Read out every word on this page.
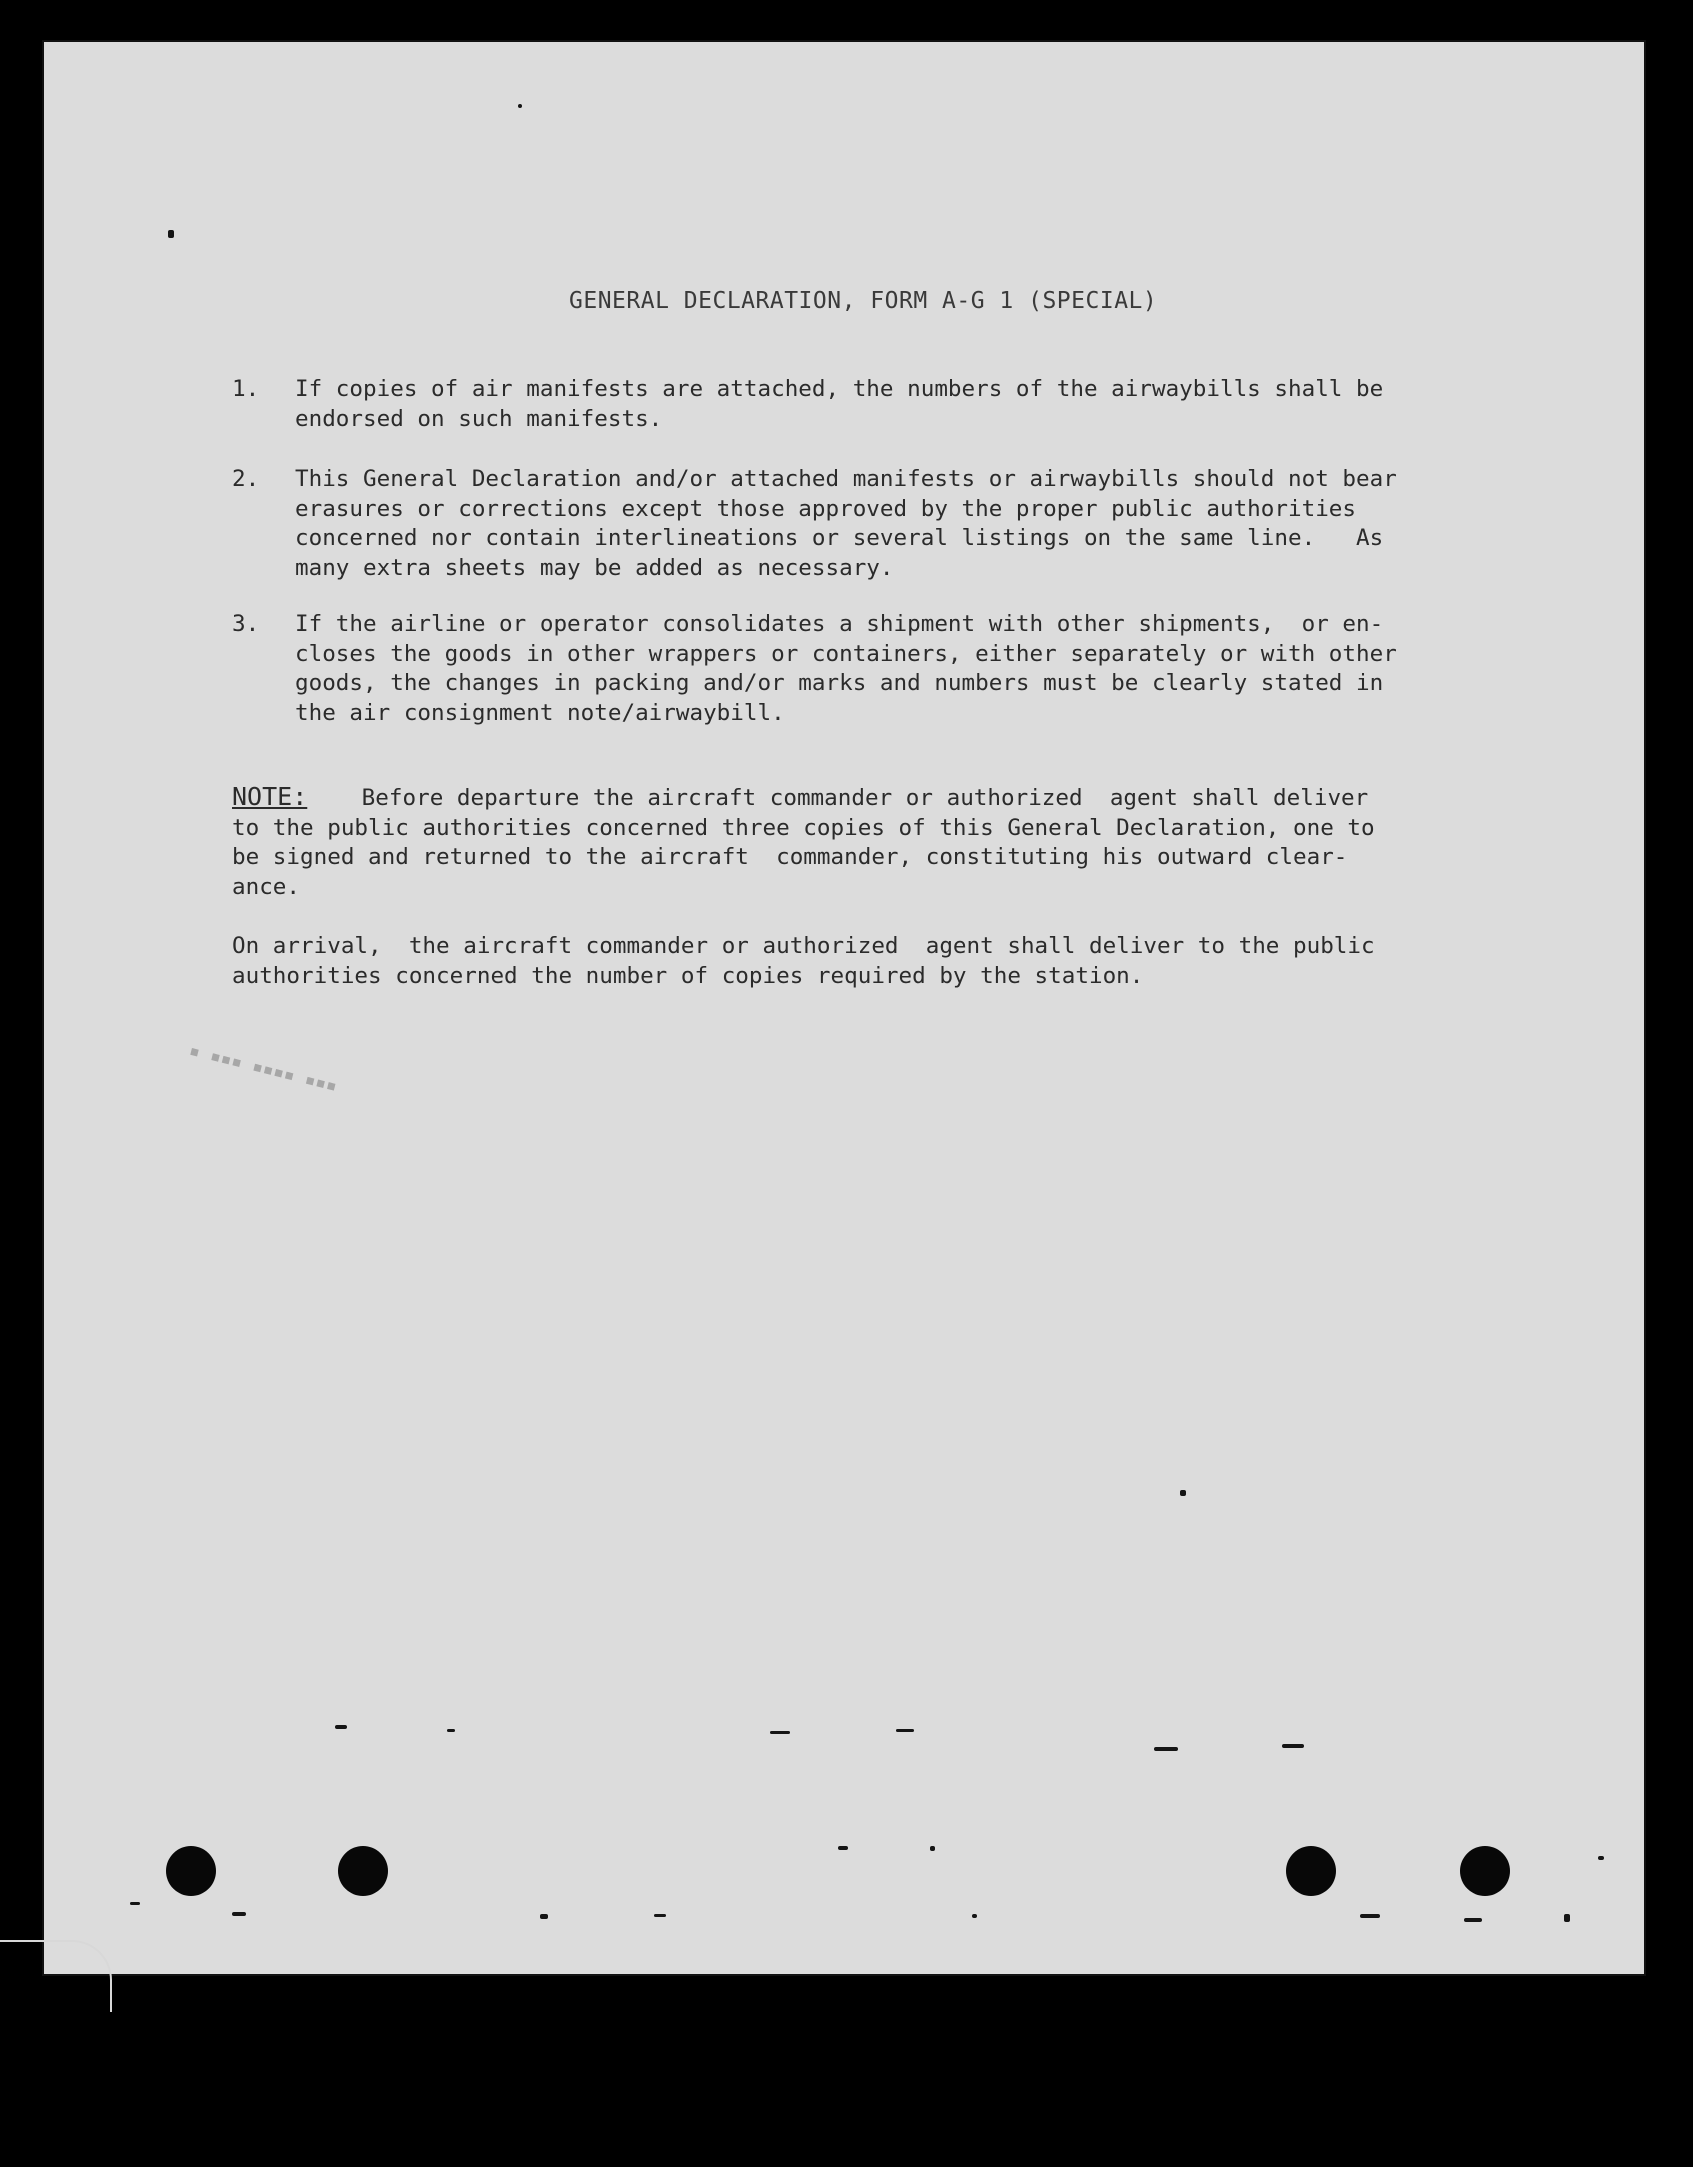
GENERAL DECLARATION, FORM A-G 1 (SPECIAL)
1. If copies of air manifests are attached, the numbers of the airwaybills shall be
endorsed on such manifests.
2. This General Declaration and/or attached manifests or airwaybills should not bear
erasures or corrections except those approved by the proper public authorities
concerned nor contain interlineations or several listings on the same line.   As
many extra sheets may be added as necessary.
3. If the airline or operator consolidates a shipment with other shipments,  or en-
closes the goods in other wrappers or containers, either separately or with other
goods, the changes in packing and/or marks and numbers must be clearly stated in
the air consignment note/airwaybill.
NOTE:    Before departure the aircraft commander or authorized  agent shall deliver
to the public authorities concerned three copies of this General Declaration, one to
be signed and returned to the aircraft  commander, constituting his outward clear-
ance.
On arrival,  the aircraft commander or authorized  agent shall deliver to the public
authorities concerned the number of copies required by the station.
▪ ▪▪▪ ▪▪▪▪ ▪▪▪
